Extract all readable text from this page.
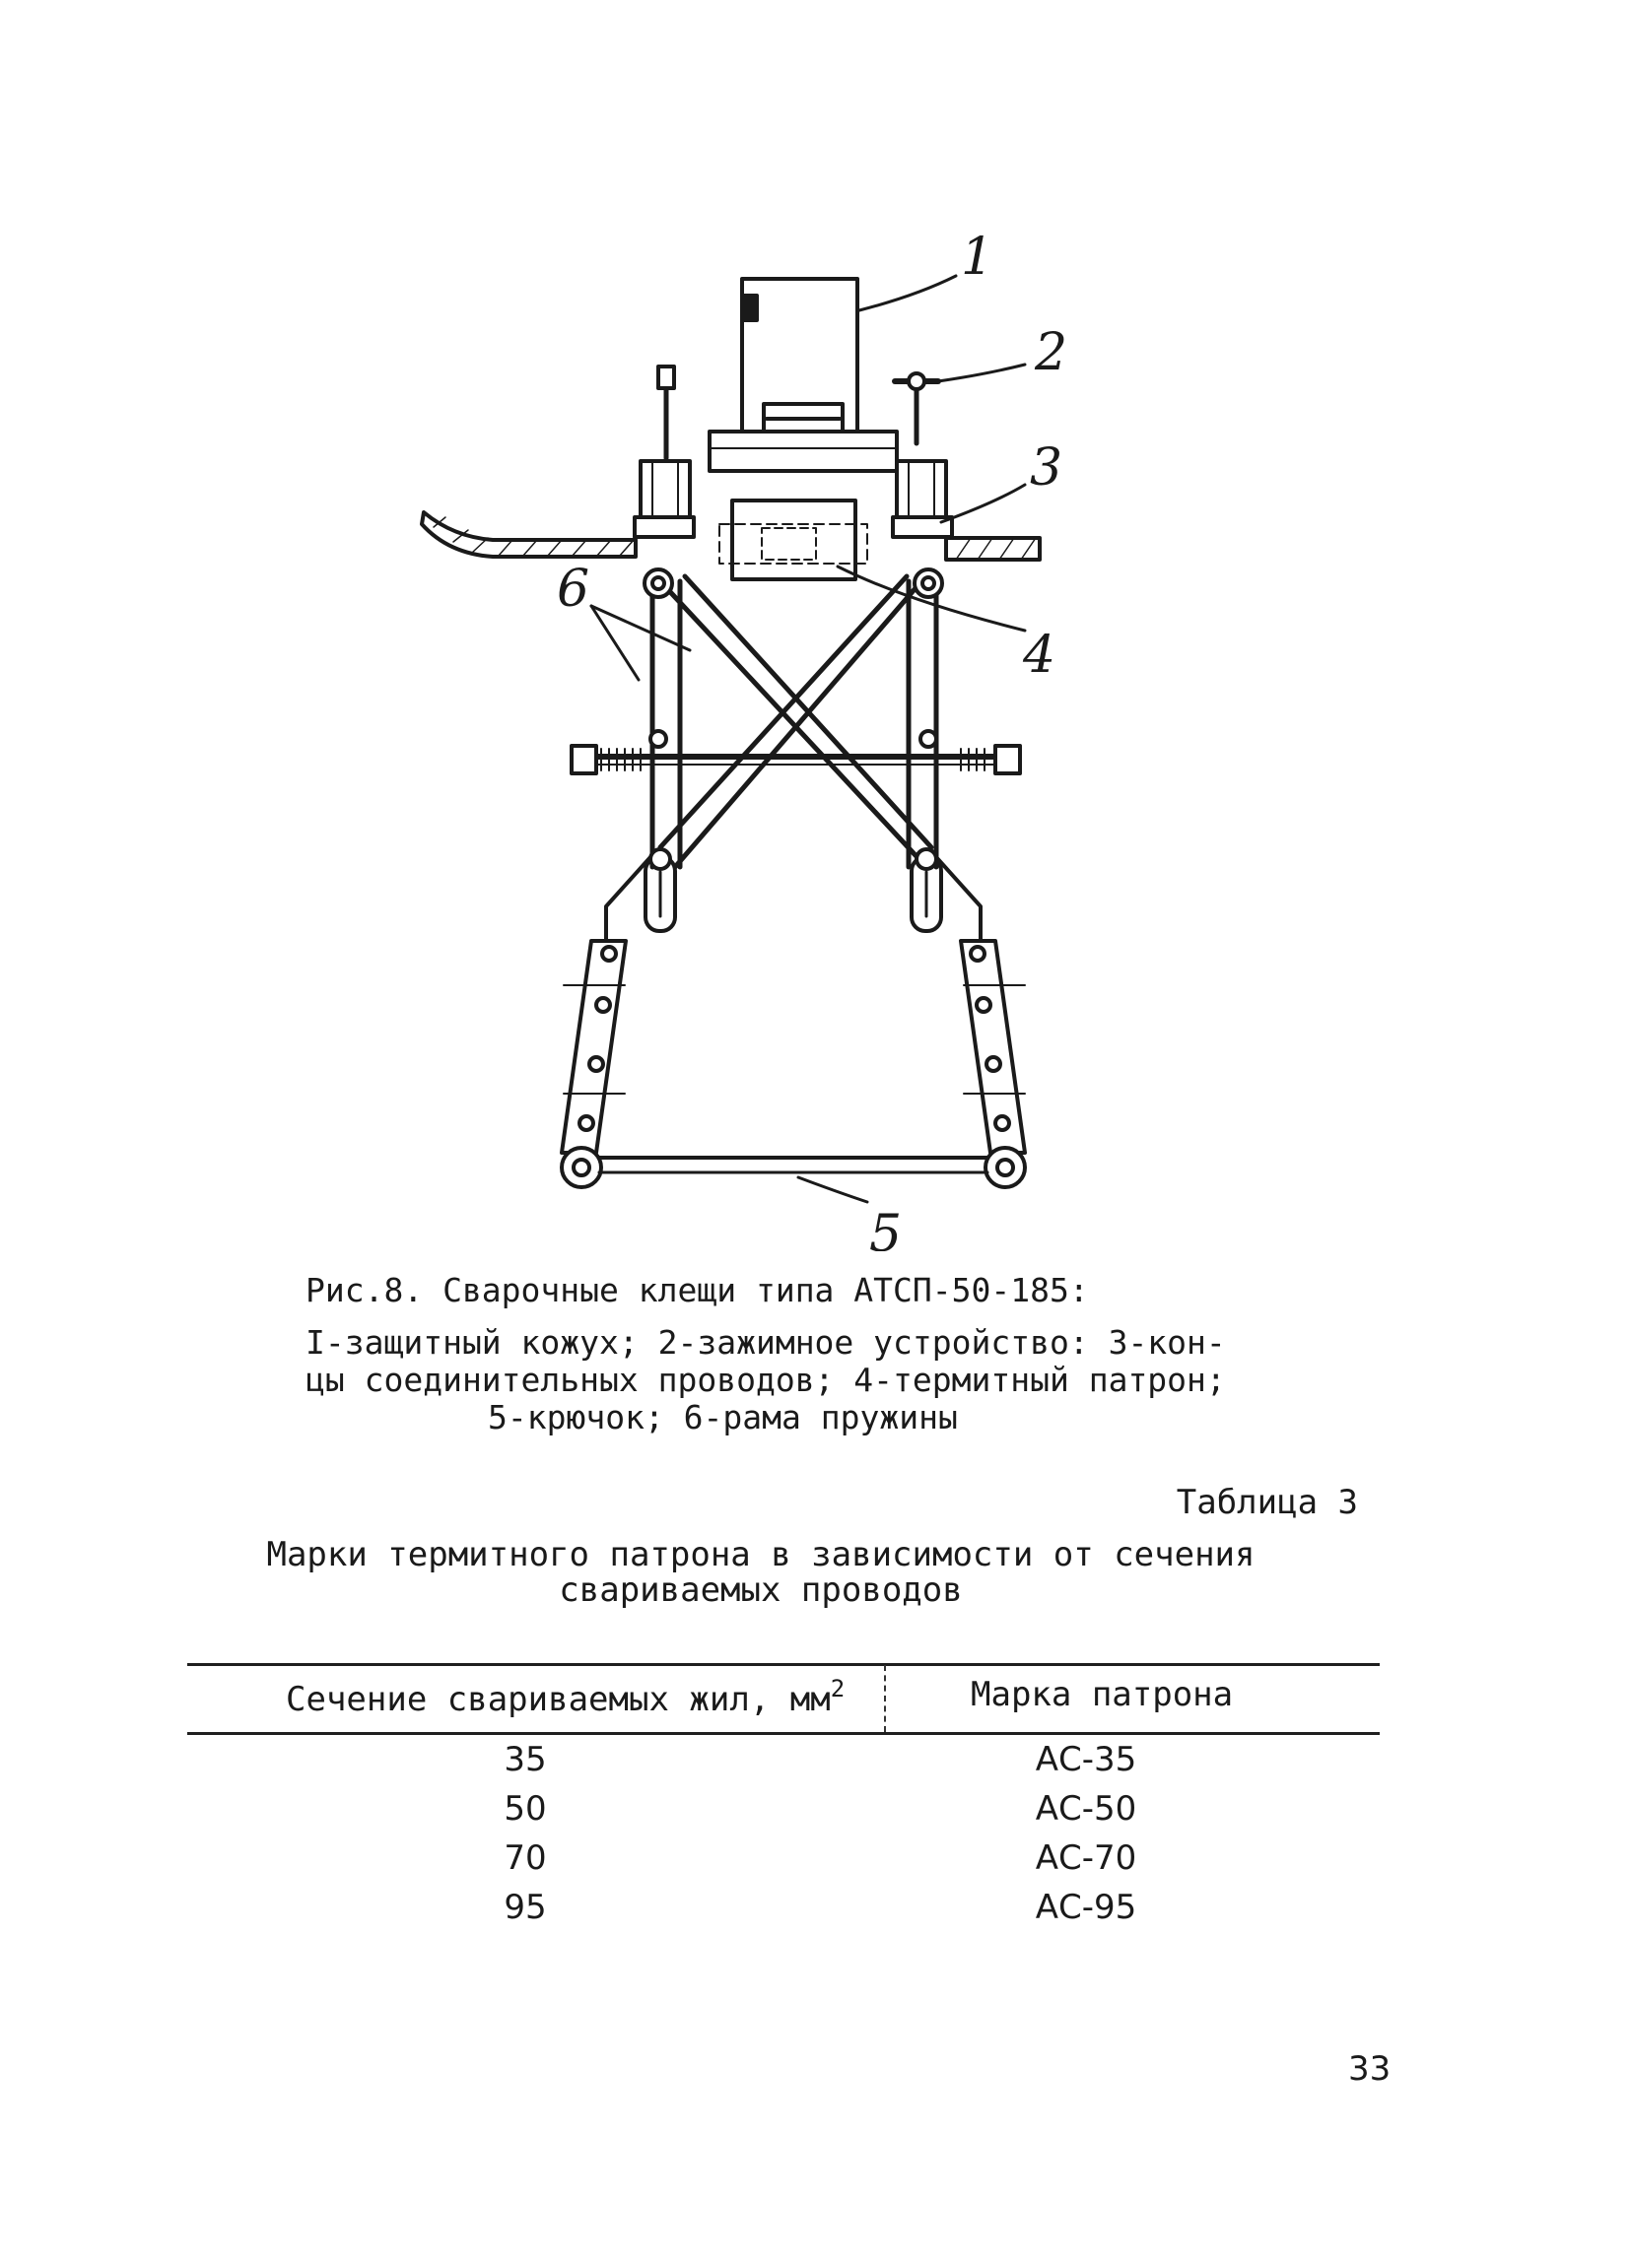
1
2
3
4
5
6
Рис.8. Сварочные клещи типа АТСП-50-185:
I-защитный кожух; 2-зажимное устройство: 3-кон-
цы соединительных проводов; 4-термитный патрон;
5-крючок; 6-рама пружины
Таблица 3
Марки термитного патрона в зависимости от сечения
свариваемых проводов
Сечение свариваемых жил, $мм^2$	Марка патрона
35	АС-35
50	АС-50
70	АС-70
95	АС-95
33
